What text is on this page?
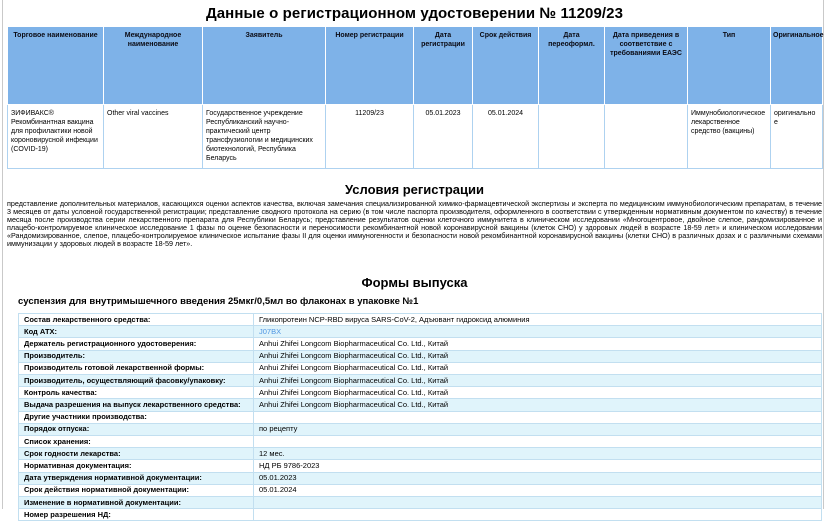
Данные о регистрационном удостоверении № 11209/23
Торговое наименование	Международное наименование	Заявитель	Номер регистрации	Дата регистрации	Срок действия	Дата переоформл.	Дата приведения в соответствие с требованиями ЕАЭС	Тип	Оригинальное
ЗИФИВАКС® Рекомбинантная вакцина для профилактики новой короновирусной инфекции (COVID-19)	Other viral vaccines	Государственное учреждение Республиканский научно-практический центр трансфузиологии и медицинских биотехнологий, Республика Беларусь	11209/23	05.01.2023	05.01.2024			Иммунобиологическое лекарственное средство (вакцины)	оригинальное
Условия регистрации
представление дополнительных материалов, касающихся оценки аспектов качества, включая замечания специализированной химико-фармацевтической экспертизы и эксперта по медицинским иммунобиологическим препаратам, в течение 3 месяцев от даты условной государственной регистрации; представление сводного протокола на серию (в том числе паспорта производителя, оформленного в соответствии с утвержденным нормативным документом по качеству) в течение месяца после производства серии лекарственного препарата для Республики Беларусь; представление результатов оценки клеточного иммунитета в клиническом исследовании «Многоцентровое, двойное слепое, рандомизированное и плацебо-контролируемое клиническое исследование 1 фазы по оценке безопасности и переносимости рекомбинантной новой коронавирусной вакцины (клеток CHO) у здоровых людей в возрасте 18-59 лет» и клиническом исследовании «Рандомизированное, слепое, плацебо-контролируемое клиническое испытание фазы II для оценки иммуногенности и безопасности новой рекомбинантной коронавирусной вакцины (клетки CHO) в различных дозах и с различными схемами иммунизации у здоровых людей в возрасте 18-59 лет».
Формы выпуска
суспензия для внутримышечного введения 25мкг/0,5мл во флаконах в упаковке №1
Состав лекарственного средства:	Гликопротеин NCP-RBD вируса SARS-CoV-2, Адъювант гидроксид алюминия
Код АТХ:	J07BX
Держатель регистрационного удостоверения:	Anhui Zhifei Longcom Biopharmaceutical Co. Ltd., Китай
Производитель:	Anhui Zhifei Longcom Biopharmaceutical Co. Ltd., Китай
Производитель готовой лекарственной формы:	Anhui Zhifei Longcom Biopharmaceutical Co. Ltd., Китай
Производитель, осуществляющий фасовку/упаковку:	Anhui Zhifei Longcom Biopharmaceutical Co. Ltd., Китай
Контроль качества:	Anhui Zhifei Longcom Biopharmaceutical Co. Ltd., Китай
Выдача разрешения на выпуск лекарственного средства:	Anhui Zhifei Longcom Biopharmaceutical Co. Ltd., Китай
Другие участники производства:	
Порядок отпуска:	по рецепту
Список хранения:	
Срок годности лекарства:	12 мес.
Нормативная документация:	НД РБ 9786-2023
Дата утверждения нормативной документации:	05.01.2023
Срок действия нормативной документации:	05.01.2024
Изменение в нормативной документации:	
Номер разрешения НД:	
